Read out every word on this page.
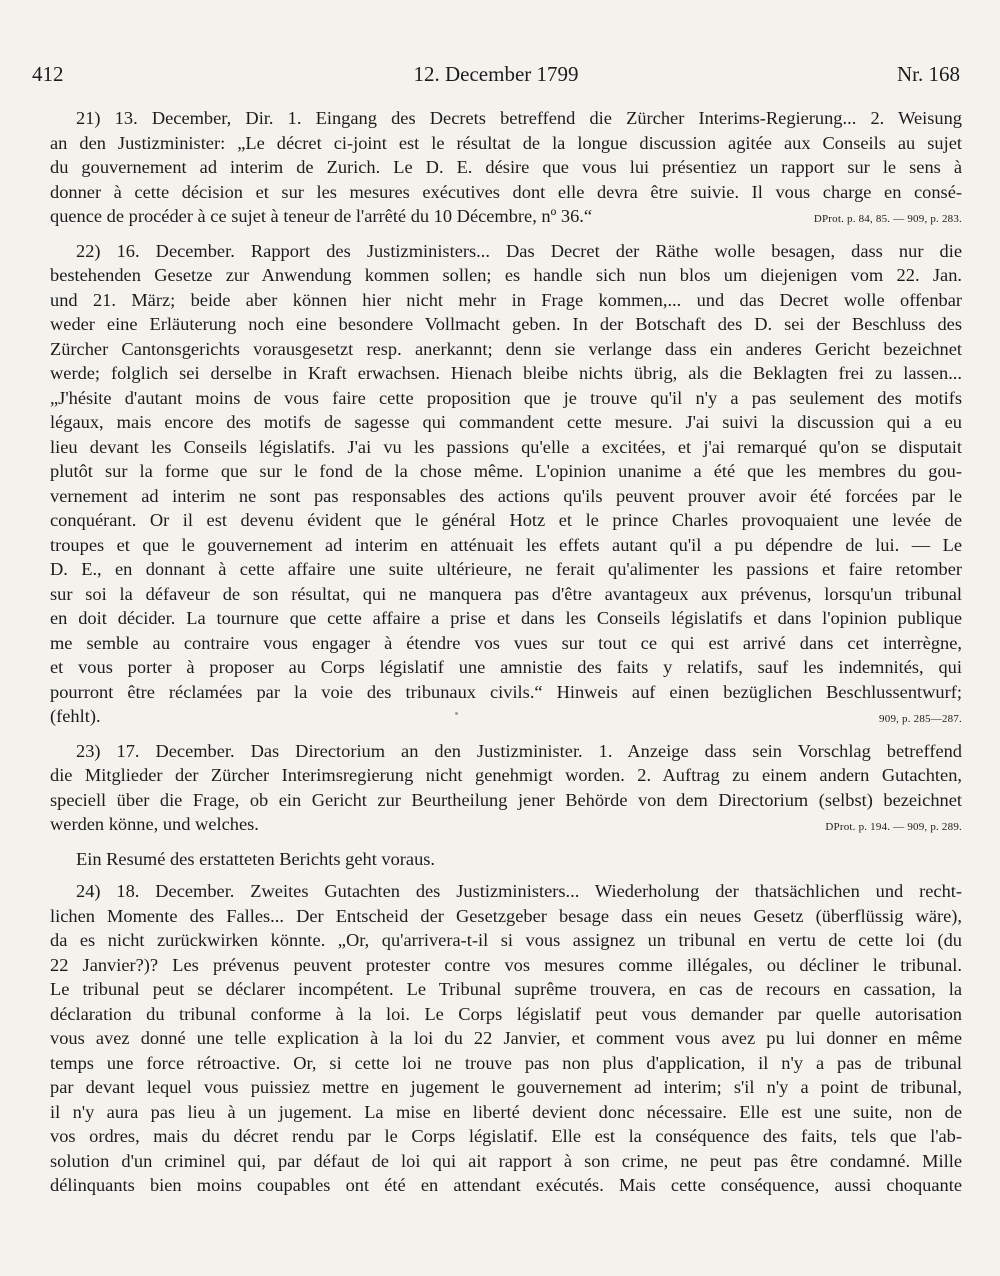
412	12. December 1799	Nr. 168
21) 13. December, Dir. 1. Eingang des Decrets betreffend die Zürcher Interims-Regierung... 2. Weisung
an den Justizminister: „Le décret ci-joint est le résultat de la longue discussion agitée aux Conseils au sujet
du gouvernement ad interim de Zurich. Le D. E. désire que vous lui présentiez un rapport sur le sens à
donner à cette décision et sur les mesures exécutives dont elle devra être suivie. Il vous charge en consé-
quence de procéder à ce sujet à teneur de l'arrêté du 10 Décembre, nº 36.“	DProt. p. 84, 85. — 909, p. 283.
22) 16. December. Rapport des Justizministers... Das Decret der Räthe wolle besagen, dass nur die
bestehenden Gesetze zur Anwendung kommen sollen; es handle sich nun blos um diejenigen vom 22. Jan.
und 21. März; beide aber können hier nicht mehr in Frage kommen,... und das Decret wolle offenbar
weder eine Erläuterung noch eine besondere Vollmacht geben. In der Botschaft des D. sei der Beschluss des
Zürcher Cantonsgerichts vorausgesetzt resp. anerkannt; denn sie verlange dass ein anderes Gericht bezeichnet
werde; folglich sei derselbe in Kraft erwachsen. Hienach bleibe nichts übrig, als die Beklagten frei zu lassen...
„J'hésite d'autant moins de vous faire cette proposition que je trouve qu'il n'y a pas seulement des motifs
légaux, mais encore des motifs de sagesse qui commandent cette mesure. J'ai suivi la discussion qui a eu
lieu devant les Conseils législatifs. J'ai vu les passions qu'elle a excitées, et j'ai remarqué qu'on se disputait
plutôt sur la forme que sur le fond de la chose même. L'opinion unanime a été que les membres du gou-
vernement ad interim ne sont pas responsables des actions qu'ils peuvent prouver avoir été forcées par le
conquérant. Or il est devenu évident que le général Hotz et le prince Charles provoquaient une levée de
troupes et que le gouvernement ad interim en atténuait les effets autant qu'il a pu dépendre de lui. — Le
D. E., en donnant à cette affaire une suite ultérieure, ne ferait qu'alimenter les passions et faire retomber
sur soi la défaveur de son résultat, qui ne manquera pas d'être avantageux aux prévenus, lorsqu'un tribunal
en doit décider. La tournure que cette affaire a prise et dans les Conseils législatifs et dans l'opinion publique
me semble au contraire vous engager à étendre vos vues sur tout ce qui est arrivé dans cet interrègne,
et vous porter à proposer au Corps législatif une amnistie des faits y relatifs, sauf les indemnités, qui
pourront être réclamées par la voie des tribunaux civils.“ Hinweis auf einen bezüglichen Beschlussentwurf;
(fehlt).	909, p. 285—287.
23) 17. December. Das Directorium an den Justizminister. 1. Anzeige dass sein Vorschlag betreffend
die Mitglieder der Zürcher Interimsregierung nicht genehmigt worden. 2. Auftrag zu einem andern Gutachten,
speciell über die Frage, ob ein Gericht zur Beurtheilung jener Behörde von dem Directorium (selbst) bezeichnet
werden könne, und welches.	DProt. p. 194. — 909, p. 289.
Ein Resumé des erstatteten Berichts geht voraus.
24) 18. December. Zweites Gutachten des Justizministers... Wiederholung der thatsächlichen und recht-
lichen Momente des Falles... Der Entscheid der Gesetzgeber besage dass ein neues Gesetz (überflüssig wäre),
da es nicht zurückwirken könnte. „Or, qu'arrivera-t-il si vous assignez un tribunal en vertu de cette loi (du
22 Janvier?)? Les prévenus peuvent protester contre vos mesures comme illégales, ou décliner le tribunal.
Le tribunal peut se déclarer incompétent. Le Tribunal suprême trouvera, en cas de recours en cassation, la
déclaration du tribunal conforme à la loi. Le Corps législatif peut vous demander par quelle autorisation
vous avez donné une telle explication à la loi du 22 Janvier, et comment vous avez pu lui donner en même
temps une force rétroactive. Or, si cette loi ne trouve pas non plus d'application, il n'y a pas de tribunal
par devant lequel vous puissiez mettre en jugement le gouvernement ad interim; s'il n'y a point de tribunal,
il n'y aura pas lieu à un jugement. La mise en liberté devient donc nécessaire. Elle est une suite, non de
vos ordres, mais du décret rendu par le Corps législatif. Elle est la conséquence des faits, tels que l'ab-
solution d'un criminel qui, par défaut de loi qui ait rapport à son crime, ne peut pas être condamné. Mille
délinquants bien moins coupables ont été en attendant exécutés. Mais cette conséquence, aussi choquante
